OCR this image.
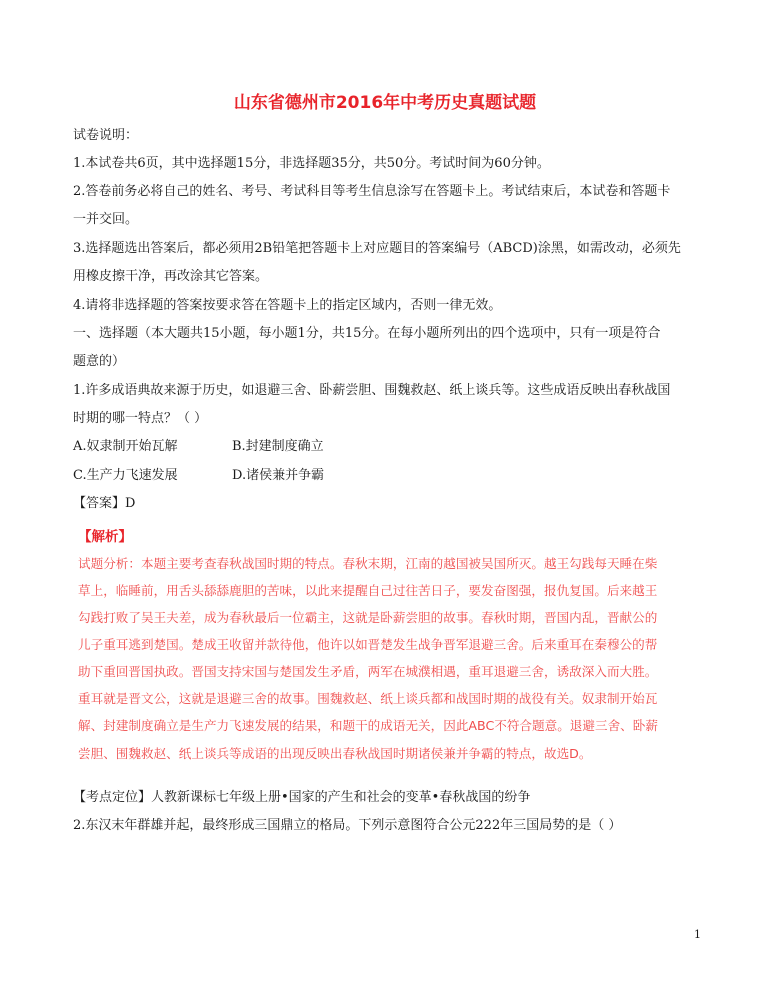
山东省德州市2016年中考历史真题试题
试卷说明：
1.本试卷共6页，其中选择题15分，非选择题35分，共50分。考试时间为60分钟。
2.答卷前务必将自己的姓名、考号、考试科目等考生信息涂写在答题卡上。考试结束后，本试卷和答题卡
一并交回。
3.选择题选出答案后，都必须用2B铅笔把答题卡上对应题目的答案编号（ABCD)涂黑，如需改动，必须先
用橡皮擦干净，再改涂其它答案。
4.请将非选择题的答案按要求答在答题卡上的指定区域内，否则一律无效。
一、选择题（本大题共15小题，每小题1分，共15分。在每小题所列出的四个选项中，只有一项是符合
题意的）
1.许多成语典故来源于历史，如退避三舍、卧薪尝胆、围魏救赵、纸上谈兵等。这些成语反映出春秋战国
时期的哪一特点？（ ）
A.奴隶制开始瓦解	B.封建制度确立
C.生产力飞速发展	D.诸侯兼并争霸
【答案】D
【解析】
试题分析：本题主要考查春秋战国时期的特点。春秋末期，江南的越国被吴国所灭。越王勾践每天睡在柴
草上，临睡前，用舌头舔舔鹿胆的苦味，以此来提醒自己过往苦日子，要发奋图强，报仇复国。后来越王
勾践打败了吴王夫差，成为春秋最后一位霸主，这就是卧薪尝胆的故事。春秋时期，晋国内乱，晋献公的
儿子重耳逃到楚国。楚成王收留并款待他，他许以如晋楚发生战争晋军退避三舍。后来重耳在秦穆公的帮
助下重回晋国执政。晋国支持宋国与楚国发生矛盾，两军在城濮相遇，重耳退避三舍，诱敌深入而大胜。
重耳就是晋文公，这就是退避三舍的故事。围魏救赵、纸上谈兵都和战国时期的战役有关。奴隶制开始瓦
解、封建制度确立是生产力飞速发展的结果，和题干的成语无关，因此ABC不符合题意。退避三舍、卧薪
尝胆、围魏救赵、纸上谈兵等成语的出现反映出春秋战国时期诸侯兼并争霸的特点，故选D。
【考点定位】人教新课标七年级上册•国家的产生和社会的变革•春秋战国的纷争
2.东汉末年群雄并起，最终形成三国鼎立的格局。下列示意图符合公元222年三国局势的是（ ）
1
